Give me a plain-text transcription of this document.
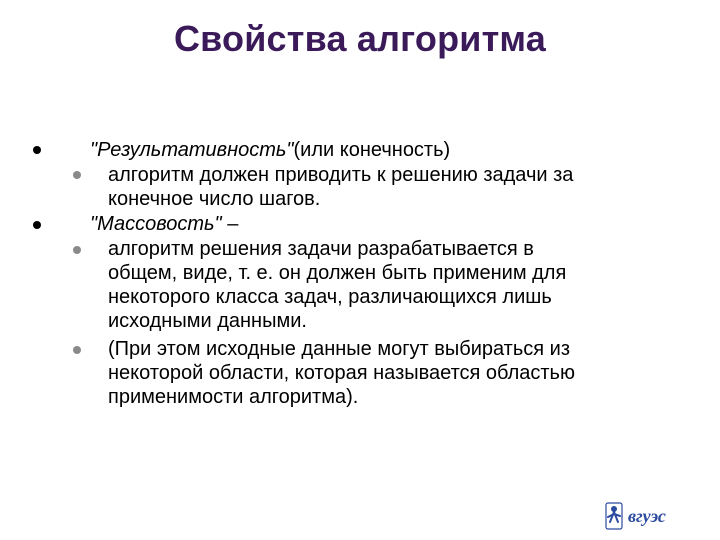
Свойства алгоритма
"Результативность"(или конечность)
алгоритм должен приводить к решению задачи за
конечное число шагов.
"Массовость" –
алгоритм решения задачи разрабатывается в
общем, виде, т. е. он должен быть применим для
некоторого класса задач, различающихся лишь
исходными данными.
(При этом исходные данные могут выбираться из
некоторой области, которая называется областью
применимости алгоритма).
вгуэс
